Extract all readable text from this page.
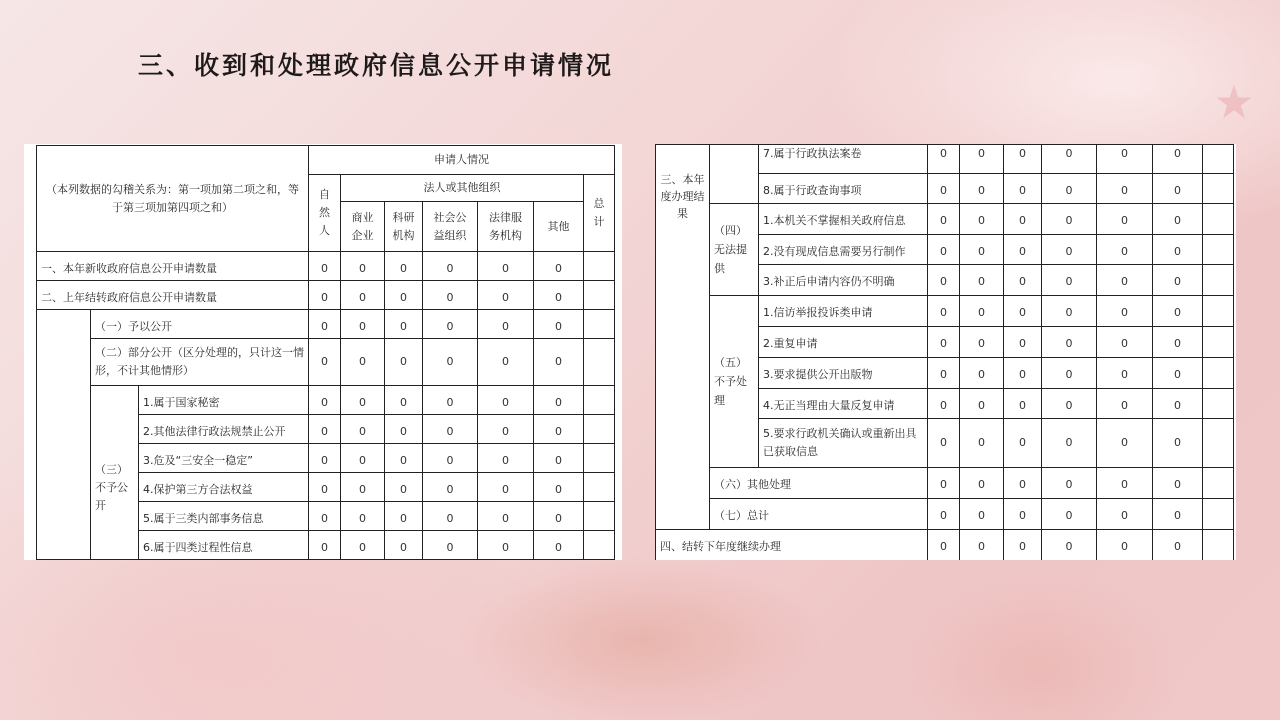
★
三、收到和处理政府信息公开申请情况
（本列数据的勾稽关系为：第一项加第二项之和，等于第三项加第四项之和）			申请人情况						
			自然人	法人或其他组织					总计
				商业企业	科研机构	社会公益组织	法律服务机构	其他	
一、本年新收政府信息公开申请数量			0	0	0	0	0	0	
二、上年结转政府信息公开申请数量			0	0	0	0	0	0	
	（一）予以公开		0	0	0	0	0	0	
	（二）部分公开（区分处理的，只计这一情形，不计其他情形）		0	0	0	0	0	0	
	（三）不予公开	1.属于国家秘密	0	0	0	0	0	0	
		2.其他法律行政法规禁止公开	0	0	0	0	0	0	
		3.危及“三安全一稳定”	0	0	0	0	0	0	
		4.保护第三方合法权益	0	0	0	0	0	0	
		5.属于三类内部事务信息	0	0	0	0	0	0	
		6.属于四类过程性信息	0	0	0	0	0	0	
三、本年度办理结果		7.属于行政执法案卷	0	0	0	0	0	0	
		8.属于行政查询事项	0	0	0	0	0	0	
	（四）无法提供	1.本机关不掌握相关政府信息	0	0	0	0	0	0	
		2.没有现成信息需要另行制作	0	0	0	0	0	0	
		3.补正后申请内容仍不明确	0	0	0	0	0	0	
	（五）不予处理	1.信访举报投诉类申请	0	0	0	0	0	0	
		2.重复申请	0	0	0	0	0	0	
		3.要求提供公开出版物	0	0	0	0	0	0	
		4.无正当理由大量反复申请	0	0	0	0	0	0	
		5.要求行政机关确认或重新出具已获取信息	0	0	0	0	0	0	
	（六）其他处理		0	0	0	0	0	0	
	（七）总计		0	0	0	0	0	0	
四、结转下年度继续办理			0	0	0	0	0	0	
